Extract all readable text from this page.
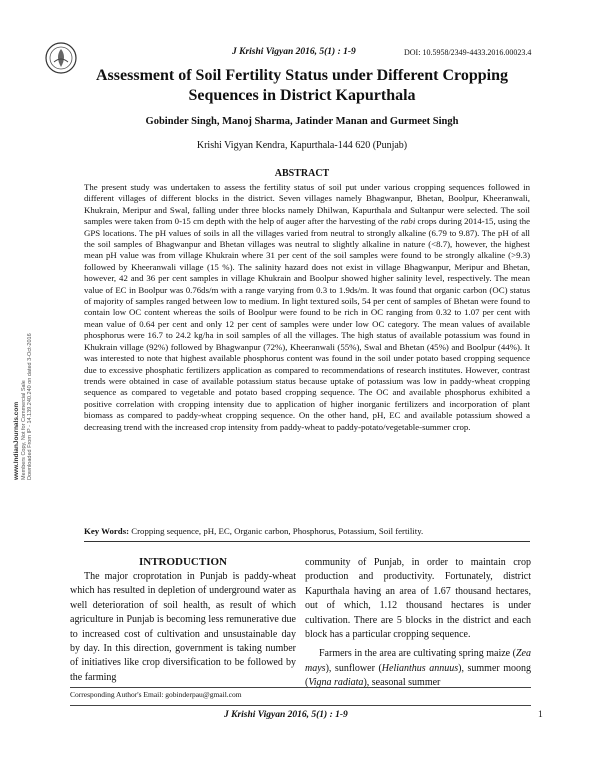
J Krishi Vigyan 2016, 5(1) : 1-9	DOI: 10.5958/2349-4433.2016.00023.4
Assessment of Soil Fertility Status under Different Cropping
Sequences in District Kapurthala
Gobinder Singh, Manoj Sharma, Jatinder Manan and Gurmeet Singh
Krishi Vigyan Kendra, Kapurthala-144 620 (Punjab)
ABSTRACT
The present study was undertaken to assess the fertility status of soil put under various cropping sequences followed in different villages of different blocks in the district. Seven villages namely Bhagwanpur, Bhetan, Boolpur, Kheeranwali, Khukrain, Meripur and Swal, falling under three blocks namely Dhilwan, Kapurthala and Sultanpur were selected. The soil samples were taken from 0-15 cm depth with the help of auger after the harvesting of the rabi crops during 2014-15, using the GPS locations. The pH values of soils in all the villages varied from neutral to strongly alkaline (6.79 to 9.87). The pH of all the soil samples of Bhagwanpur and Bhetan villages was neutral to slightly alkaline in nature (<8.7), however, the highest mean pH value was from village Khukrain where 31 per cent of the soil samples were found to be strongly alkaline (>9.3) followed by Kheeranwali village (15 %). The salinity hazard does not exist in village Bhagwanpur, Meripur and Bhetan, however, 42 and 36 per cent samples in village Khukrain and Boolpur showed higher salinity level, respectively. The mean value of EC in Boolpur was 0.76ds/m with a range varying from 0.3 to 1.9ds/m. It was found that organic carbon (OC) status of majority of samples ranged between low to medium. In light textured soils, 54 per cent of samples of Bhetan were found to contain low OC content whereas the soils of Boolpur were found to be rich in OC ranging from 0.32 to 1.07 per cent with mean value of 0.64 per cent and only 12 per cent of samples were under low OC category. The mean values of available phosphorus were 16.7 to 24.2 kg/ha in soil samples of all the villages. The high status of available potassium was found in Khukrain village (92%) followed by Bhagwanpur (72%), Kheeranwali (55%), Swal and Bhetan (45%) and Boolpur (44%). It was interested to note that highest available phosphorus content was found in the soil under potato based cropping sequence due to excessive phosphatic fertilizers application as compared to recommendations of research institutes. However, contrast trends were obtained in case of available potassium status because uptake of potassium was low in paddy-wheat cropping sequence as compared to vegetable and potato based cropping sequence. The OC and available phosphorus exhibited a positive correlation with cropping intensity due to application of higher inorganic fertilizers and incorporation of plant biomass as compared to paddy-wheat cropping sequence. On the other hand, pH, EC and available potassium showed a decreasing trend with the increased crop intensity from paddy-wheat to paddy-potato/vegetable-summer crop.
Key Words: Cropping sequence, pH, EC, Organic carbon, Phosphorus, Potassium, Soil fertility.
www.IndianJournals.com Members Copy, Not for Commercial Sale Downloaded From IP - 14.139.240.240 on dated 3-Oct-2016
INTRODUCTION

The major croprotation in Punjab is paddy-wheat which has resulted in depletion of underground water as well deterioration of soil health, as result of which agriculture in Punjab is becoming less remunerative due to increased cost of cultivation and unsustainable day by day. In this direction, government is taking number of initiatives like crop diversification to be followed by the farming

community of Punjab, in order to maintain crop production and productivity. Fortunately, district Kapurthala having an area of 1.67 thousand hectares, out of which, 1.12 thousand hectares is under cultivation. There are 5 blocks in the district and each block has a particular cropping sequence.

Farmers in the area are cultivating spring maize (Zea mays), sunflower (Helianthus annuus), summer moong (Vigna radiata), seasonal summer

Corresponding Author's Email: gobinderpau@gmail.com
J Krishi Vigyan 2016, 5(1) : 1-9	1
